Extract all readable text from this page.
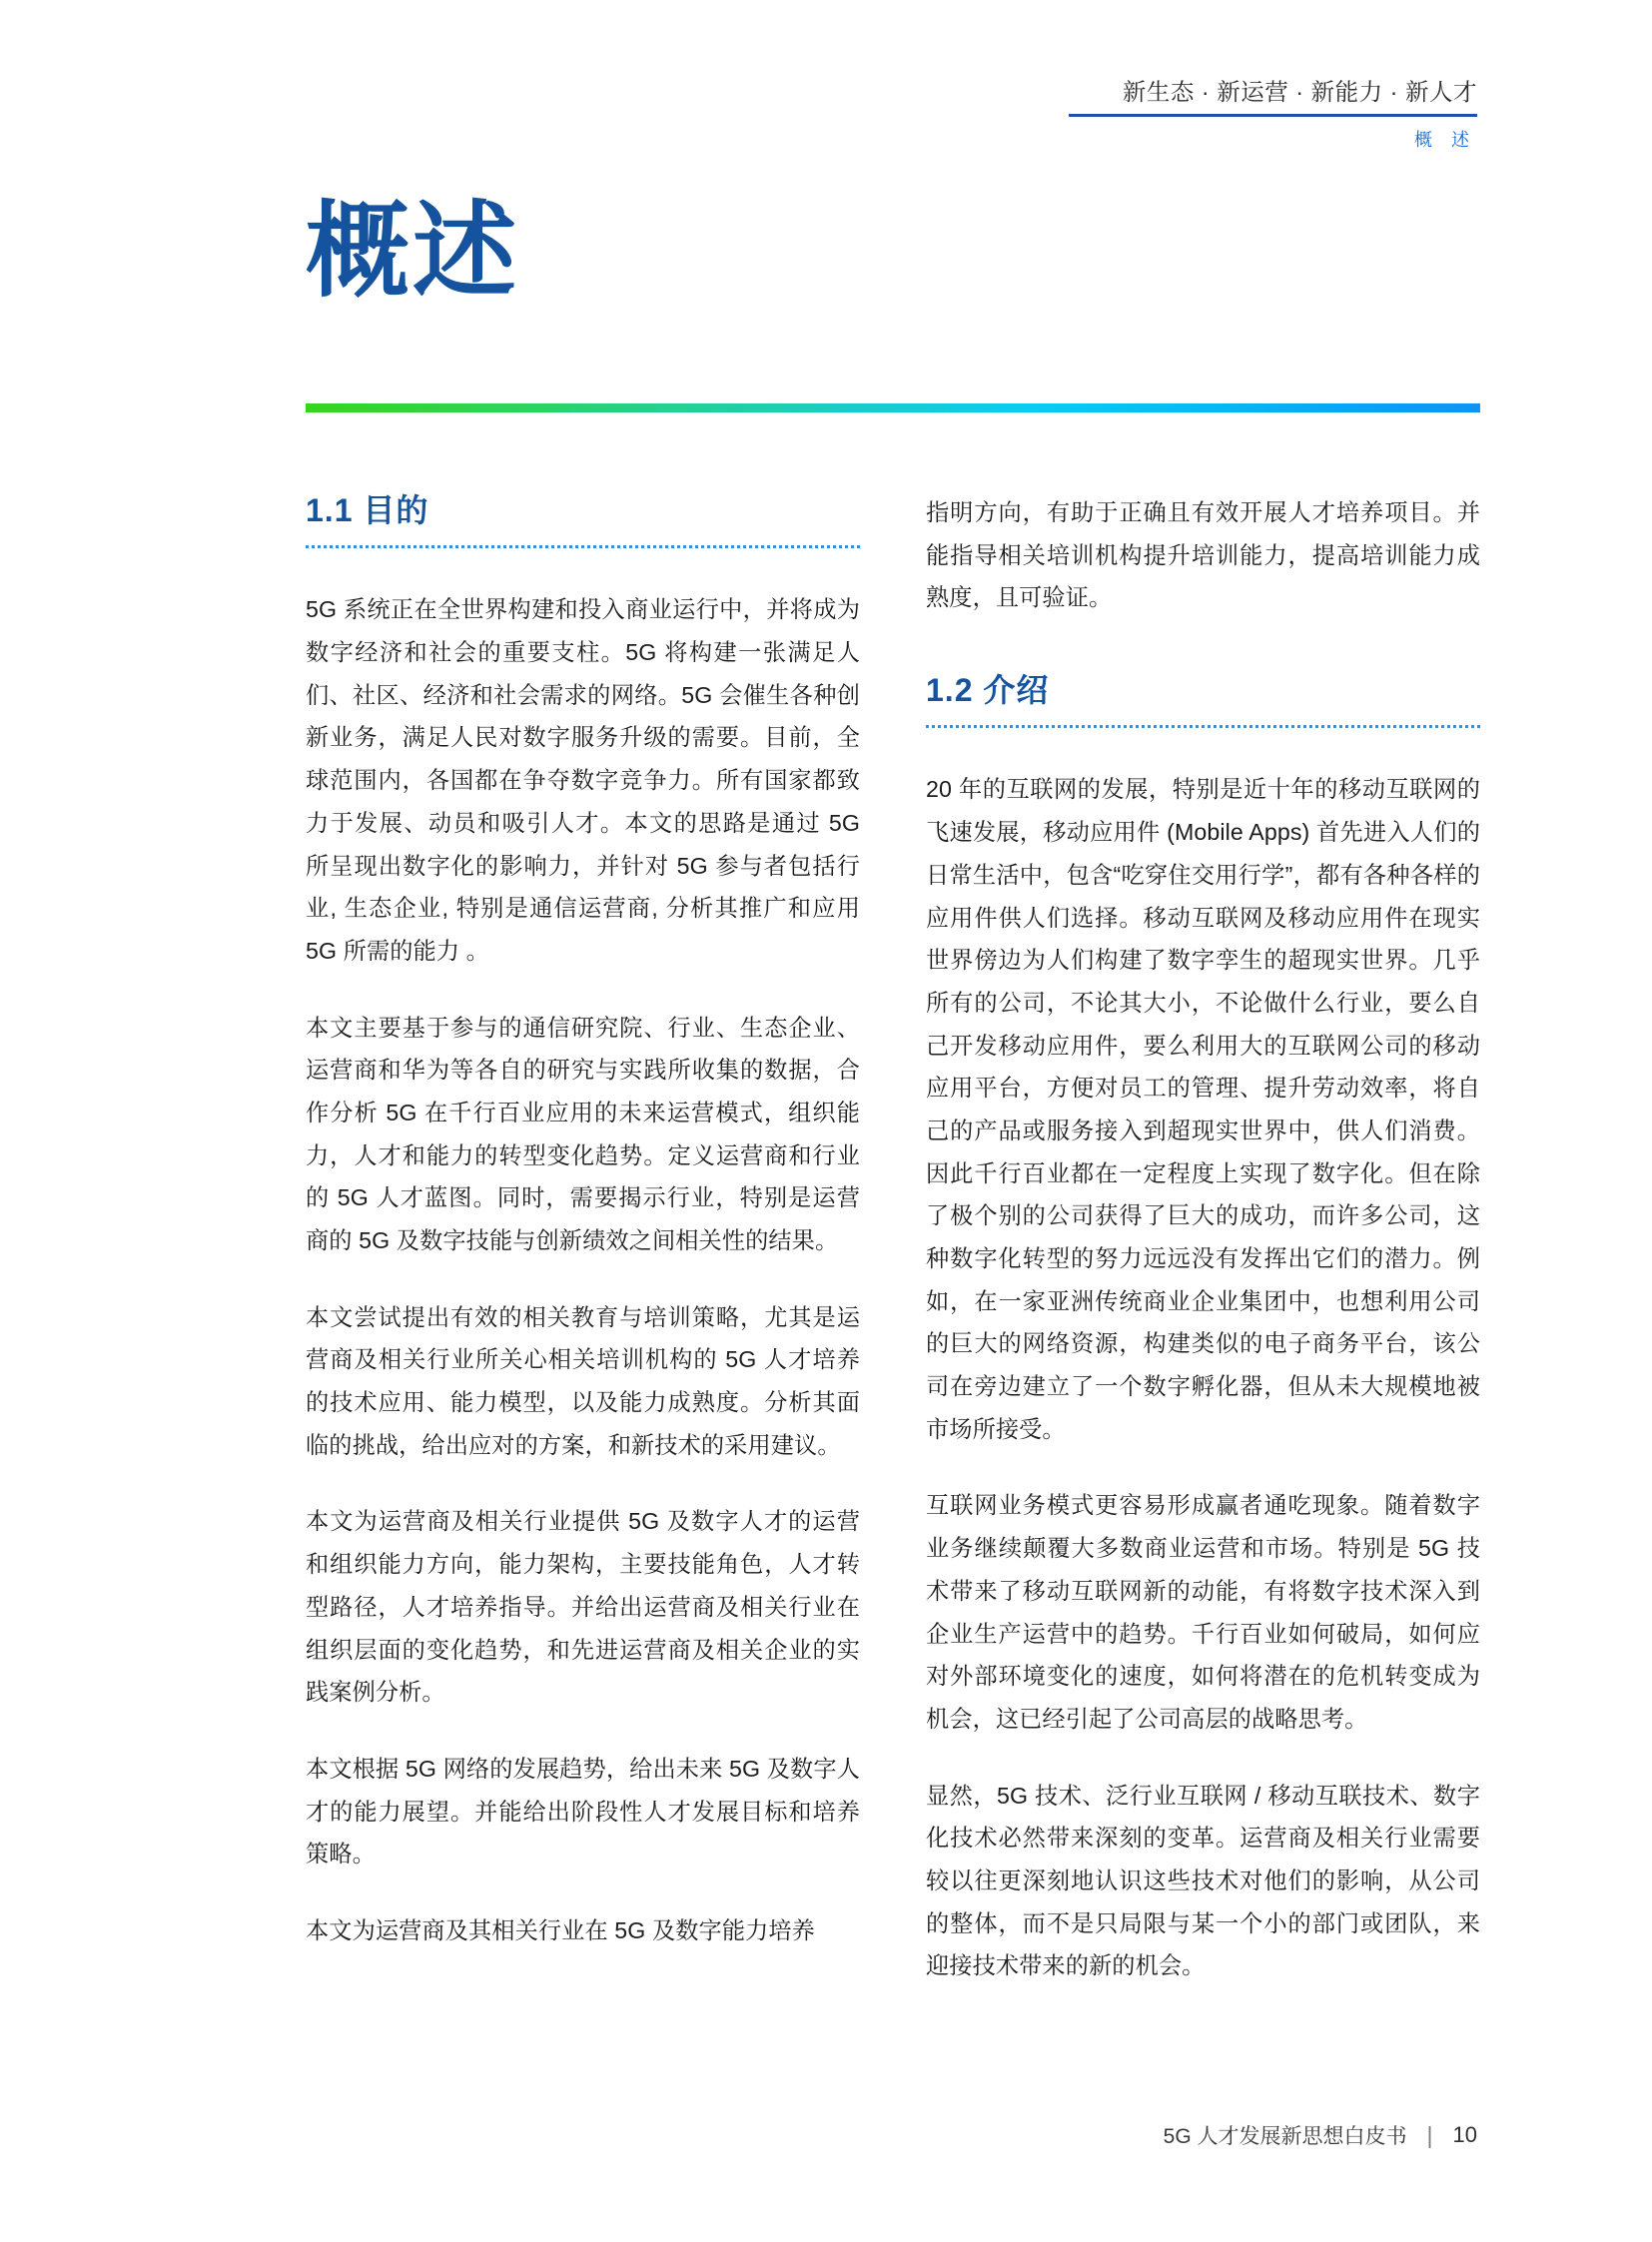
新生态 · 新运营 · 新能力 · 新人才
概 述
概述
1.1 目的

5G 系统正在全世界构建和投入商业运行中，并将成为数字经济和社会的重要支柱。5G 将构建一张满足人们、社区、经济和社会需求的网络。5G 会催生各种创新业务，满足人民对数字服务升级的需要。目前，全球范围内，各国都在争夺数字竞争力。所有国家都致力于发展、动员和吸引人才。本文的思路是通过 5G 所呈现出数字化的影响力，并针对 5G 参与者包括行业, 生态企业, 特别是通信运营商, 分析其推广和应用 5G 所需的能力 。

本文主要基于参与的通信研究院、行业、生态企业、运营商和华为等各自的研究与实践所收集的数据，合作分析 5G 在千行百业应用的未来运营模式，组织能力，人才和能力的转型变化趋势。定义运营商和行业的 5G 人才蓝图。同时，需要揭示行业，特别是运营商的 5G 及数字技能与创新绩效之间相关性的结果。

本文尝试提出有效的相关教育与培训策略，尤其是运营商及相关行业所关心相关培训机构的 5G 人才培养的技术应用、能力模型，以及能力成熟度。分析其面临的挑战，给出应对的方案，和新技术的采用建议。

本文为运营商及相关行业提供 5G 及数字人才的运营和组织能力方向，能力架构，主要技能角色，人才转型路径，人才培养指导。并给出运营商及相关行业在组织层面的变化趋势，和先进运营商及相关企业的实践案例分析。

本文根据 5G 网络的发展趋势，给出未来 5G 及数字人才的能力展望。并能给出阶段性人才发展目标和培养策略。

本文为运营商及其相关行业在 5G 及数字能力培养

指明方向，有助于正确且有效开展人才培养项目。并能指导相关培训机构提升培训能力，提高培训能力成熟度，且可验证。

1.2 介绍

20 年的互联网的发展，特别是近十年的移动互联网的飞速发展，移动应用件 (Mobile Apps) 首先进入人们的日常生活中，包含“吃穿住交用行学”，都有各种各样的应用件供人们选择。移动互联网及移动应用件在现实世界傍边为人们构建了数字孪生的超现实世界。几乎所有的公司，不论其大小，不论做什么行业，要么自己开发移动应用件，要么利用大的互联网公司的移动应用平台，方便对员工的管理、提升劳动效率，将自己的产品或服务接入到超现实世界中，供人们消费。因此千行百业都在一定程度上实现了数字化。但在除了极个别的公司获得了巨大的成功，而许多公司，这种数字化转型的努力远远没有发挥出它们的潜力。例如，在一家亚洲传统商业企业集团中，也想利用公司的巨大的网络资源，构建类似的电子商务平台，该公司在旁边建立了一个数字孵化器，但从未大规模地被市场所接受。

互联网业务模式更容易形成赢者通吃现象。随着数字业务继续颠覆大多数商业运营和市场。特别是 5G 技术带来了移动互联网新的动能，有将数字技术深入到企业生产运营中的趋势。千行百业如何破局，如何应对外部环境变化的速度，如何将潜在的危机转变成为机会，这已经引起了公司高层的战略思考。

显然，5G 技术、泛行业互联网 / 移动互联技术、数字化技术必然带来深刻的变革。运营商及相关行业需要较以往更深刻地认识这些技术对他们的影响，从公司的整体，而不是只局限与某一个小的部门或团队，来迎接技术带来的新的机会。

5G 人才发展新思想白皮书 | 10
